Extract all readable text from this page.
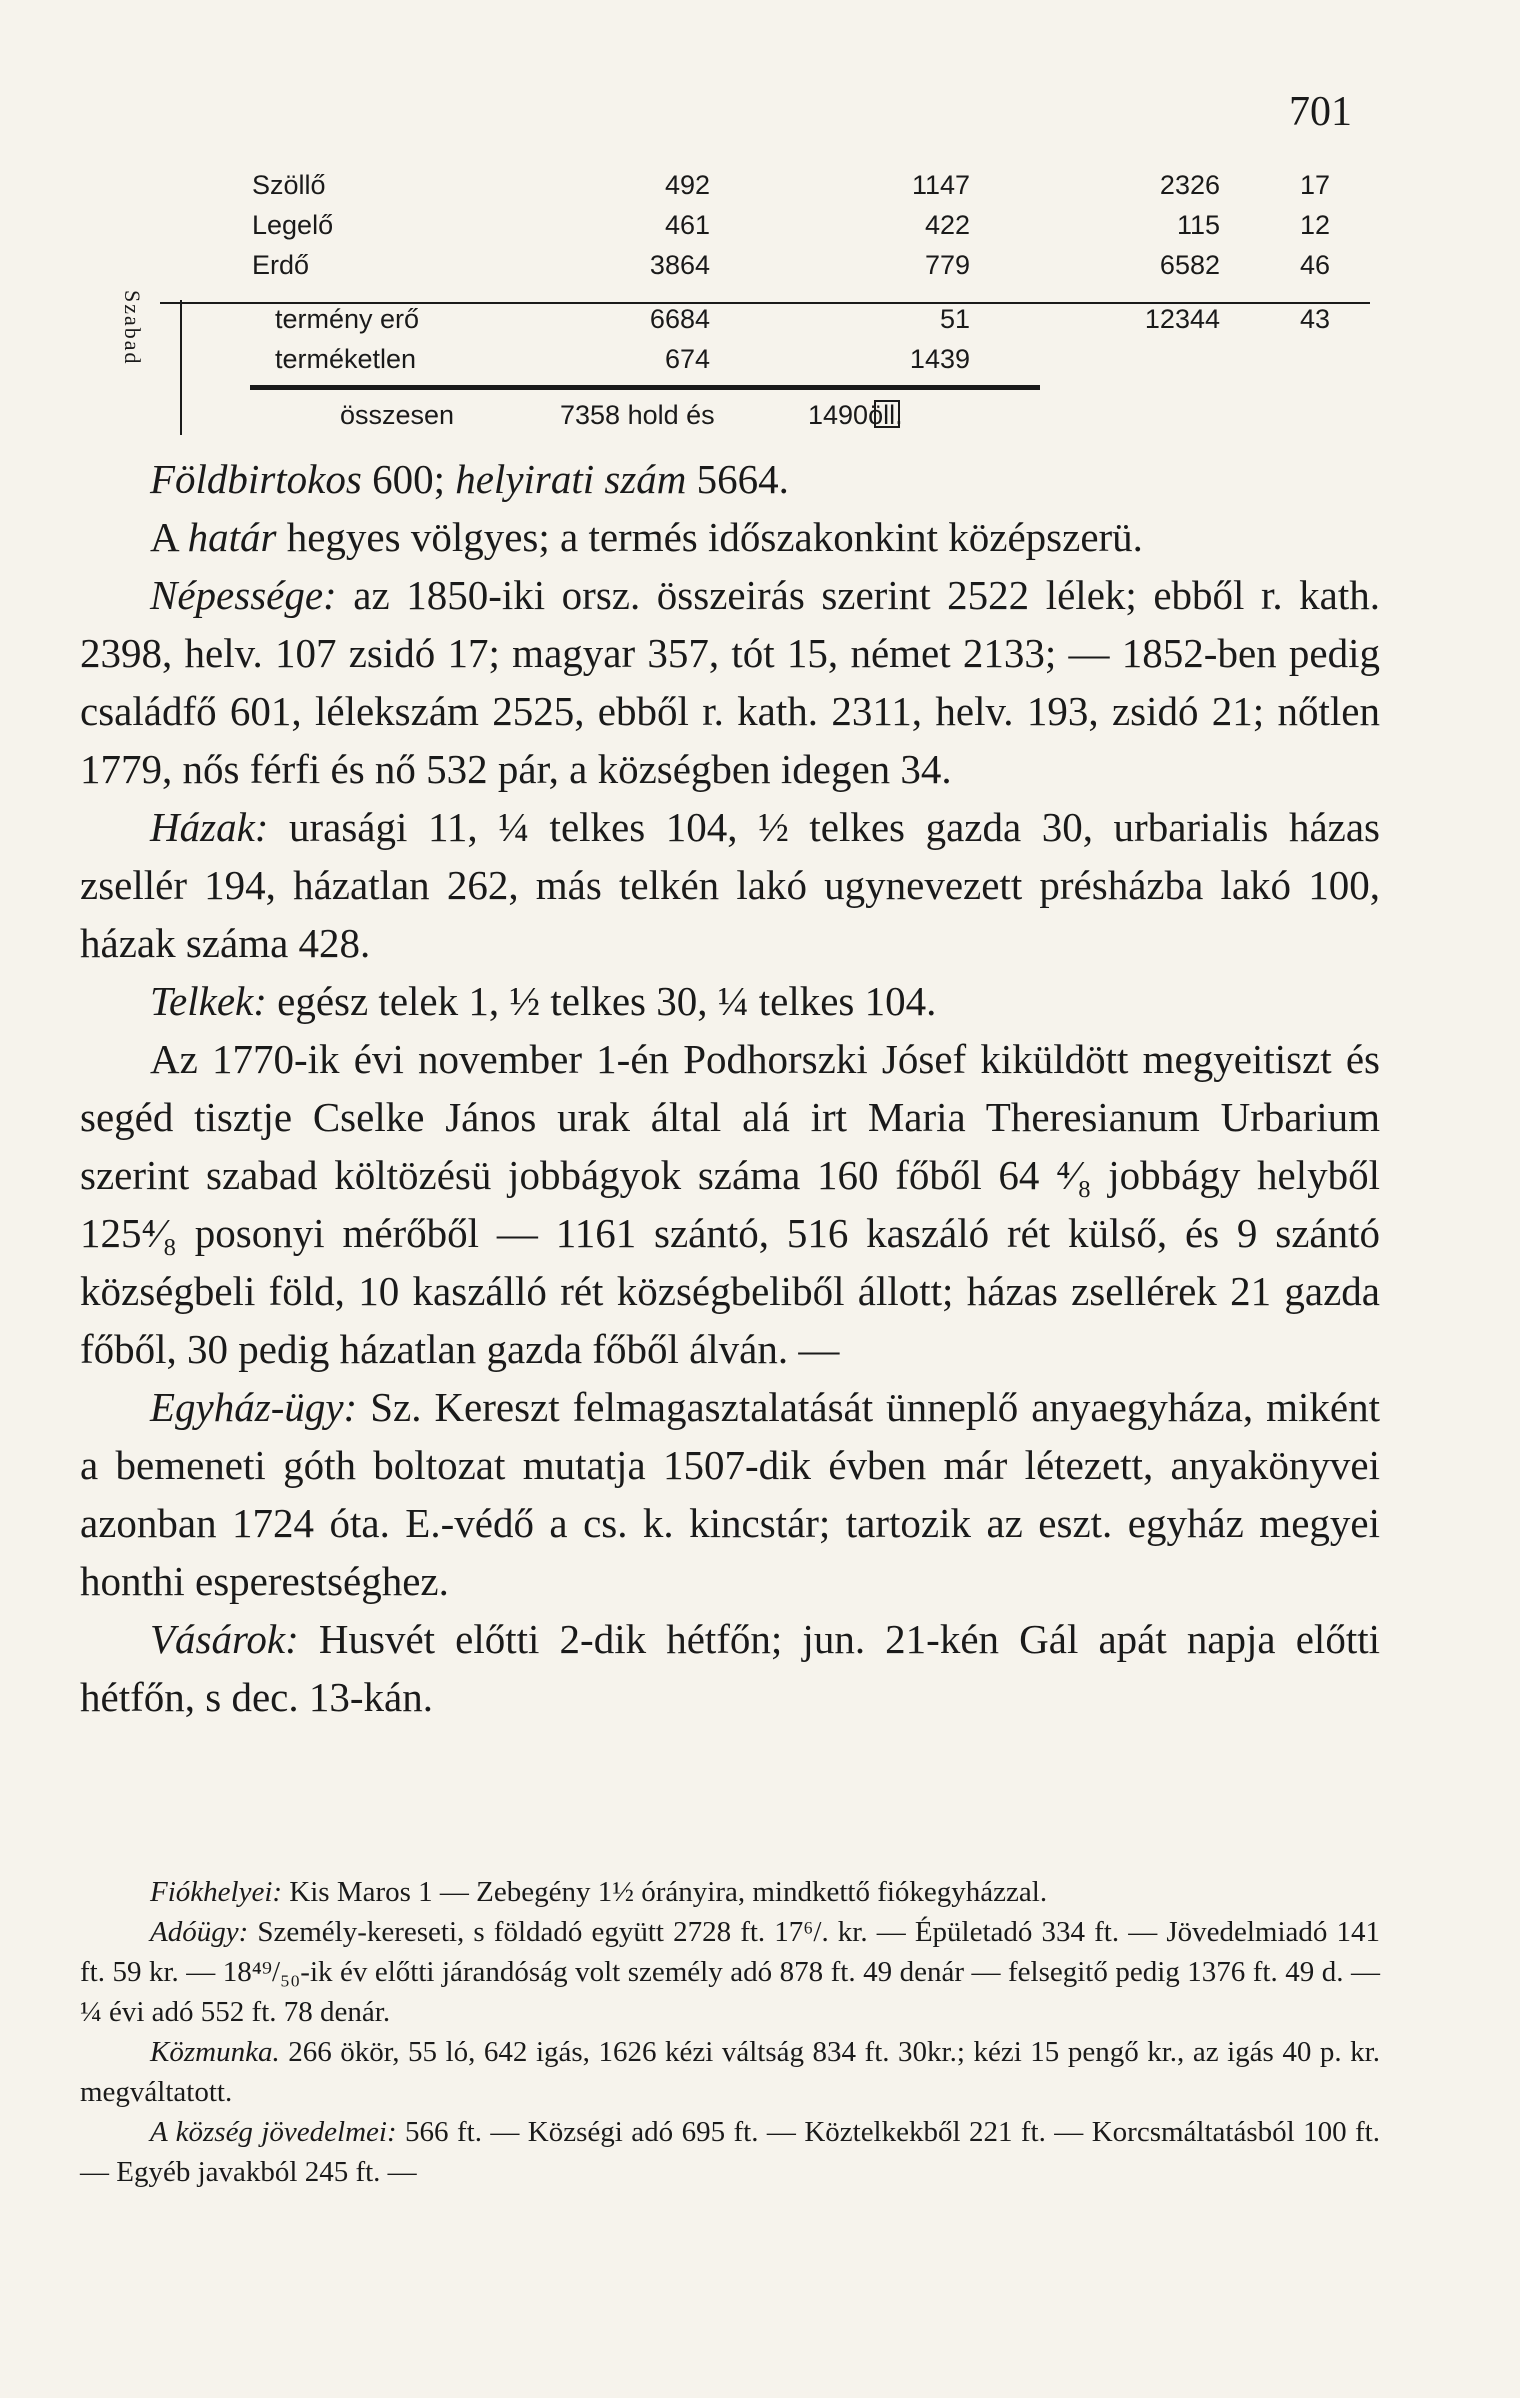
701
Szöllő	492	1147	2326	17
Legelő	461	422	115	12
Erdő	3864	779	6582	46
termény erő	6684	51	12344	43
terméketlen	674	1439
összesen	7358 hold és	1490
öll.
Szabad

Földbirtokos 600; helyirati szám 5664.

A határ hegyes völgyes; a termés időszakonkint középszerü.

Népessége: az 1850-iki orsz. összeirás szerint 2522 lélek; ebből r. kath. 2398, helv. 107 zsidó 17; magyar 357, tót 15, német 2133; — 1852-ben pedig családfő 601, lélekszám 2525, ebből r. kath. 2311, helv. 193, zsidó 21; nőtlen 1779, nős férfi és nő 532 pár, a községben idegen 34.

Házak: urasági 11, ¼ telkes 104, ½ telkes gazda 30, urbarialis házas zsellér 194, házatlan 262, más telkén lakó ugynevezett présházba lakó 100, házak száma 428.

Telkek: egész telek 1, ½ telkes 30, ¼ telkes 104.

Az 1770-ik évi november 1-én Podhorszki Jósef kiküldött megyeitiszt és segéd tisztje Cselke János urak által alá irt Maria Theresianum Urbarium szerint szabad költözésü jobbágyok száma 160 főből 64 ⁴⁄₈ jobbágy helyből 125⁴⁄₈ posonyi mérőből — 1161 szántó, 516 kaszáló rét külső, és 9 szántó községbeli föld, 10 kaszálló rét községbeliből állott; házas zsellérek 21 gazda főből, 30 pedig házatlan gazda főből álván. —

Egyház-ügy: Sz. Kereszt felmagasztalatását ünneplő anyaegyháza, miként a bemeneti góth boltozat mutatja 1507-dik évben már létezett, anyakönyvei azonban 1724 óta. E.-védő a cs. k. kincstár; tartozik az eszt. egyház megyei honthi esperestséghez.

Vásárok: Husvét előtti 2-dik hétfőn; jun. 21-kén Gál apát napja előtti hétfőn, s dec. 13-kán.

Fiókhelyei: Kis Maros 1 — Zebegény 1½ órányira, mindkettő fiókegyházzal.

Adóügy: Személy-kereseti, s földadó együtt 2728 ft. 17⁶/. kr. — Épületadó 334 ft. — Jövedelmiadó 141 ft. 59 kr. — 18⁴⁹/₅₀-ik év előtti járandóság volt személy adó 878 ft. 49 denár — felsegitő pedig 1376 ft. 49 d. — ¼ évi adó 552 ft. 78 denár.

Közmunka. 266 ökör, 55 ló, 642 igás, 1626 kézi váltság 834 ft. 30kr.; kézi 15 pengő kr., az igás 40 p. kr. megváltatott.

A község jövedelmei: 566 ft. — Községi adó 695 ft. — Köztelkekből 221 ft. — Korcsmáltatásból 100 ft. — Egyéb javakból 245 ft. —
